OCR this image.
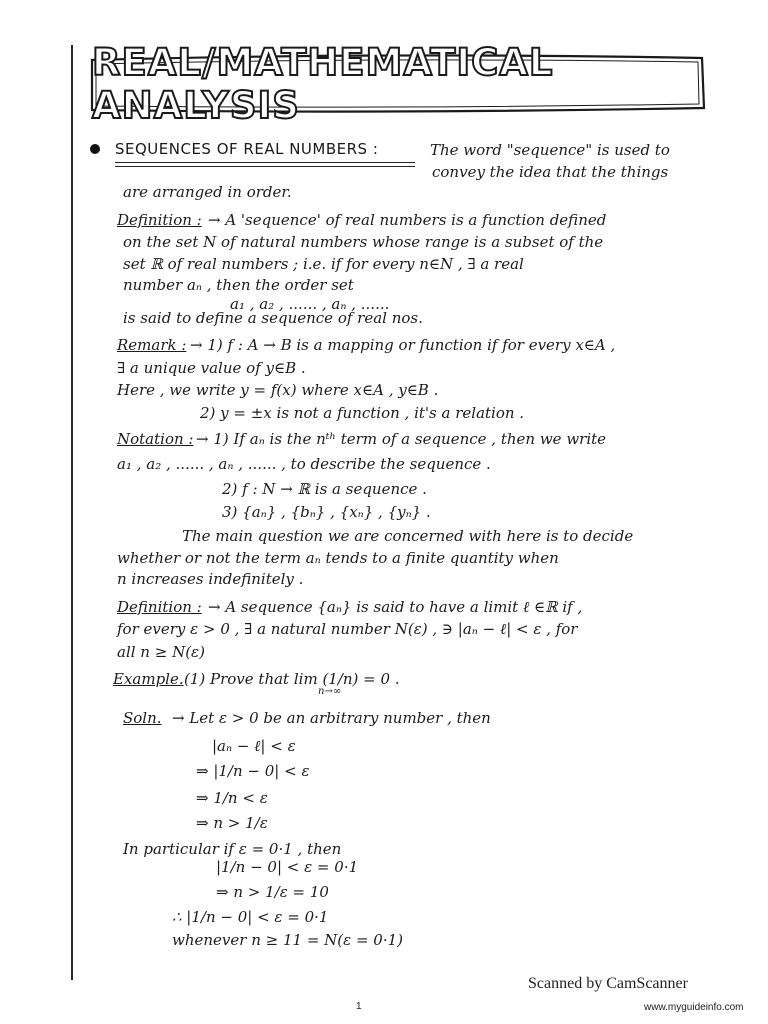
REAL/MATHEMATICAL ANALYSIS
SEQUENCES OF REAL NUMBERS :	The word "sequence" is used to
convey the idea that the things
are arranged in order.
Definition : → A 'sequence' of real numbers is a function defined
on the set N of natural numbers whose range is a subset of the
set ℝ of real numbers ; i.e. if for every n∈N , ∃ a real
number aₙ , then the order set
a₁ , a₂ , ...... , aₙ , ......
is said to define a sequence of real nos.
Remark : → 1) f : A → B is a mapping or function if for every x∈A ,
∃ a unique value of y∈B .
Here , we write y = f(x) where x∈A , y∈B .
2) y = ±x is not a function , it's a relation .
Notation : → 1) If aₙ is the nᵗʰ term of a sequence , then we write
a₁ , a₂ , ...... , aₙ , ...... , to describe the sequence .
2) f : N → ℝ is a sequence .
3) {aₙ} , {bₙ} , {xₙ} , {yₙ} .
The main question we are concerned with here is to decide
whether or not the term aₙ tends to a finite quantity when
n increases indefinitely .
Definition : → A sequence {aₙ} is said to have a limit ℓ ∈ℝ if ,
for every ε > 0 , ∃ a natural number N(ε) , ∋ |aₙ − ℓ| < ε , for
all n ≥ N(ε)
Example. (1) Prove that lim (1/n) = 0 .
n→∞
Soln. → Let ε > 0 be an arbitrary number , then
|aₙ − ℓ| < ε
⇒ |1/n − 0| < ε
⇒ 1/n < ε
⇒ n > 1/ε
In particular if ε = 0·1 , then
|1/n − 0| < ε = 0·1
⇒ n > 1/ε = 10
∴ |1/n − 0| < ε = 0·1
whenever n ≥ 11 = N(ε = 0·1)
Scanned by CamScanner
1	www.myguideinfo.com
